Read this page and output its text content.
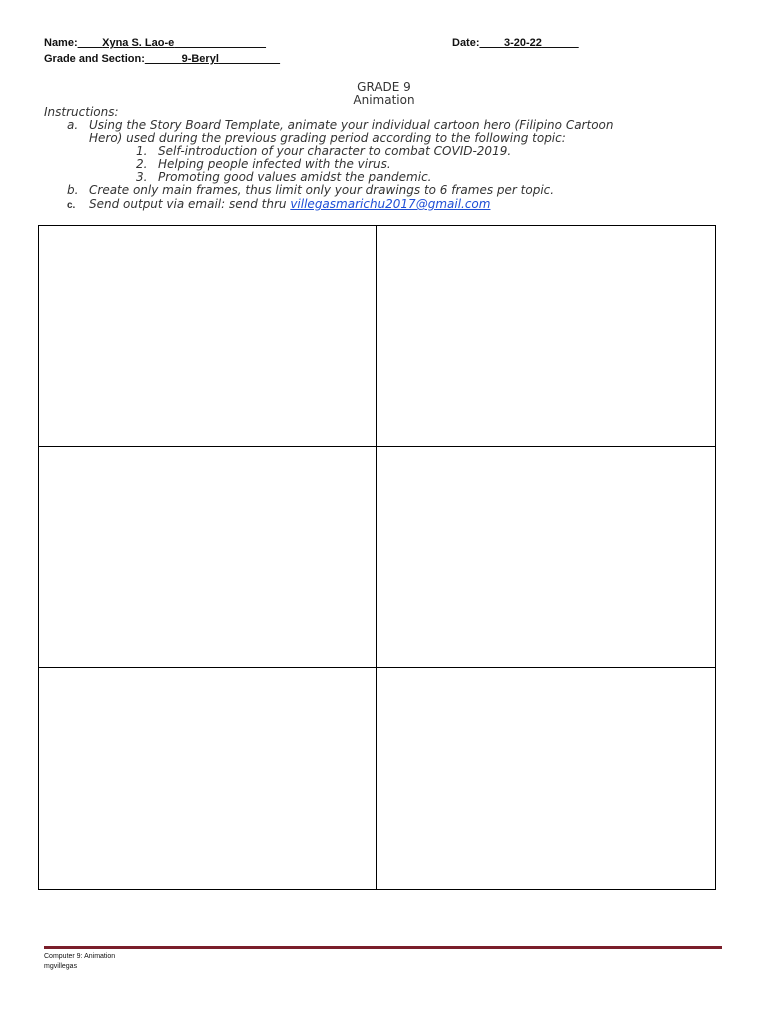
Name:____Xyna S. Lao-e_______________	Date:____3-20-22______
Grade and Section:______9-Beryl__________
GRADE 9
Animation
Instructions:
a. Using the Story Board Template, animate your individual cartoon hero (Filipino Cartoon
Hero) used during the previous grading period according to the following topic:
1. Self-introduction of your character to combat COVID-2019.
2. Helping people infected with the virus.
3. Promoting good values amidst the pandemic.
b. Create only main frames, thus limit only your drawings to 6 frames per topic.
c. Send output via email: send thru villegasmarichu2017@gmail.com
Computer 9: Animation
mgvillegas
